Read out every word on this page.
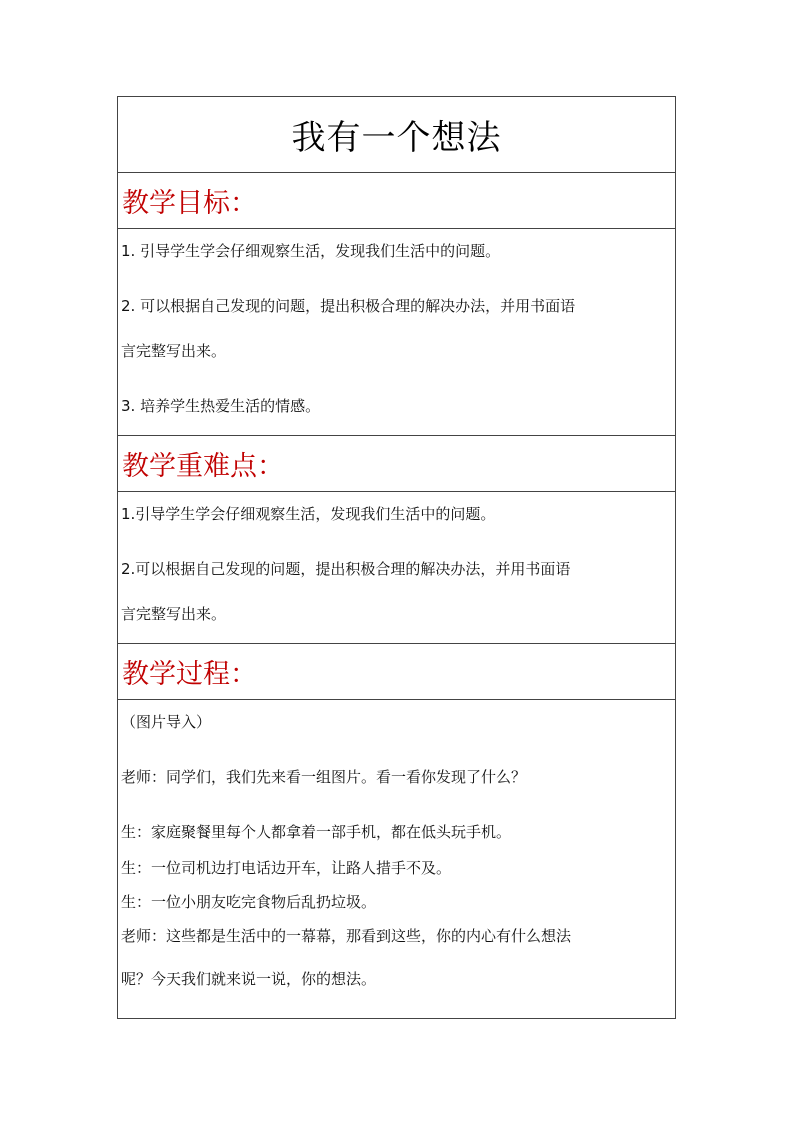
我有一个想法
教学目标：

1. 引导学生学会仔细观察生活，发现我们生活中的问题。

2. 可以根据自己发现的问题，提出积极合理的解决办法，并用书面语

言完整写出来。

3. 培养学生热爱生活的情感。

教学重难点：

1.引导学生学会仔细观察生活，发现我们生活中的问题。

2.可以根据自己发现的问题，提出积极合理的解决办法，并用书面语

言完整写出来。

教学过程：

（图片导入）

老师：同学们，我们先来看一组图片。看一看你发现了什么？

生：家庭聚餐里每个人都拿着一部手机，都在低头玩手机。

生：一位司机边打电话边开车，让路人措手不及。

生：一位小朋友吃完食物后乱扔垃圾。

老师：这些都是生活中的一幕幕，那看到这些，你的内心有什么想法

呢？今天我们就来说一说，你的想法。
